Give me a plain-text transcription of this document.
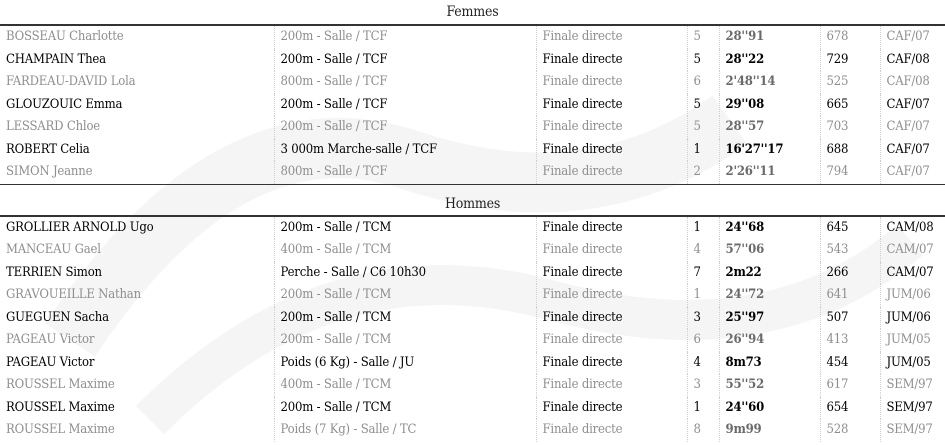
Femmes						
BOSSEAU Charlotte	200m - Salle / TCF	Finale directe	5	28''91	678	CAF/07
CHAMPAIN Thea	200m - Salle / TCF	Finale directe	5	28''22	729	CAF/08
FARDEAU-DAVID Lola	800m - Salle / TCF	Finale directe	6	2'48''14	525	CAF/08
GLOUZOUIC Emma	200m - Salle / TCF	Finale directe	5	29''08	665	CAF/07
LESSARD Chloe	200m - Salle / TCF	Finale directe	5	28''57	703	CAF/07
ROBERT Celia	3 000m Marche-salle / TCF	Finale directe	1	16'27''17	688	CAF/07
SIMON Jeanne	800m - Salle / TCF	Finale directe	2	2'26''11	794	CAF/07

Hommes						
GROLLIER ARNOLD Ugo	200m - Salle / TCM	Finale directe	1	24''68	645	CAM/08
MANCEAU Gael	400m - Salle / TCM	Finale directe	4	57''06	543	CAM/07
TERRIEN Simon	Perche - Salle / C6 10h30	Finale directe	7	2m22	266	CAM/07
GRAVOUEILLE Nathan	200m - Salle / TCM	Finale directe	1	24''72	641	JUM/06
GUEGUEN Sacha	200m - Salle / TCM	Finale directe	3	25''97	507	JUM/06
PAGEAU Victor	200m - Salle / TCM	Finale directe	6	26''94	413	JUM/05
PAGEAU Victor	Poids (6 Kg) - Salle / JU	Finale directe	4	8m73	454	JUM/05
ROUSSEL Maxime	400m - Salle / TCM	Finale directe	3	55''52	617	SEM/97
ROUSSEL Maxime	200m - Salle / TCM	Finale directe	1	24''60	654	SEM/97
ROUSSEL Maxime	Poids (7 Kg) - Salle / TC	Finale directe	8	9m99	528	SEM/97
